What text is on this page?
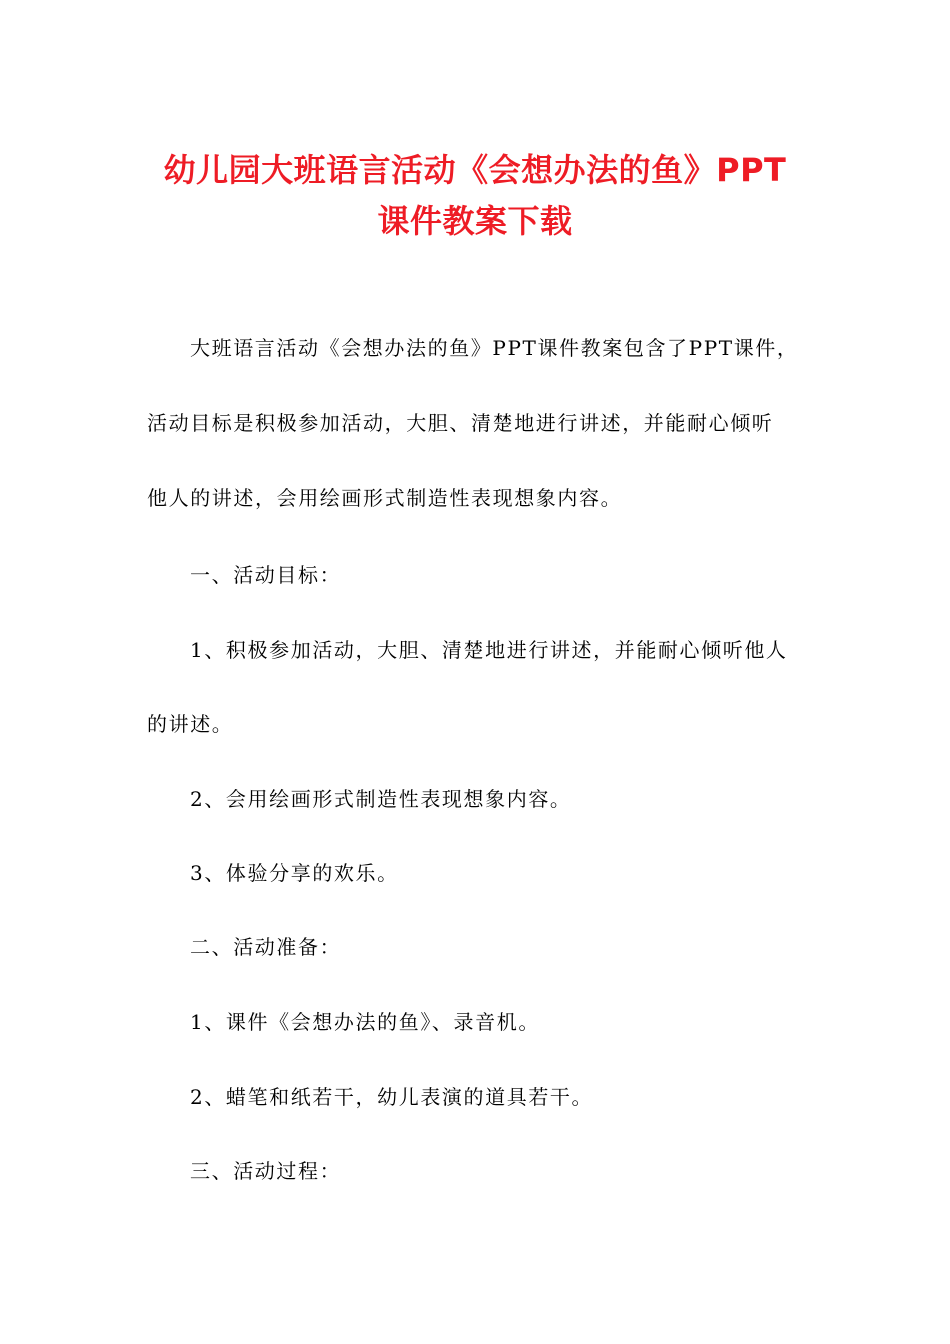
幼儿园大班语言活动《会想办法的鱼》PPT
课件教案下载
大班语言活动《会想办法的鱼》PPT课件教案包含了PPT课件，
活动目标是积极参加活动，大胆、清楚地进行讲述，并能耐心倾听
他人的讲述，会用绘画形式制造性表现想象内容。
一、活动目标：
1、积极参加活动，大胆、清楚地进行讲述，并能耐心倾听他人
的讲述。
2、会用绘画形式制造性表现想象内容。
3、体验分享的欢乐。
二、活动准备：
1、课件《会想办法的鱼》、录音机。
2、蜡笔和纸若干，幼儿表演的道具若干。
三、活动过程：
